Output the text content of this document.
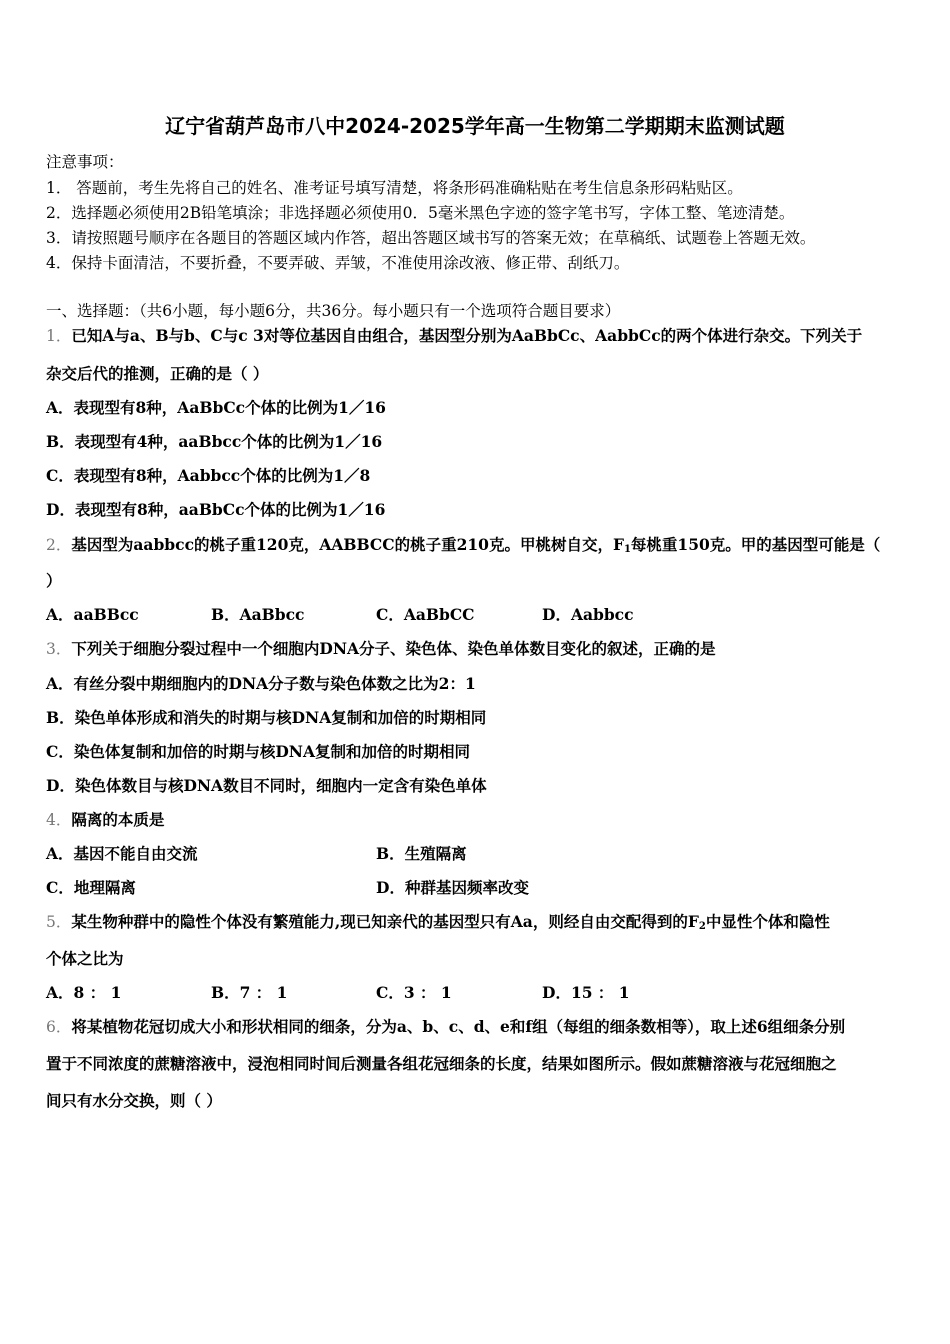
辽宁省葫芦岛市八中2024-2025学年高一生物第二学期期末监测试题
注意事项：
1． 答题前，考生先将自己的姓名、准考证号填写清楚，将条形码准确粘贴在考生信息条形码粘贴区。
2．选择题必须使用2B铅笔填涂；非选择题必须使用0．5毫米黑色字迹的签字笔书写，字体工整、笔迹清楚。
3．请按照题号顺序在各题目的答题区域内作答，超出答题区域书写的答案无效；在草稿纸、试题卷上答题无效。
4．保持卡面清洁，不要折叠，不要弄破、弄皱，不准使用涂改液、修正带、刮纸刀。
一、选择题：（共6小题，每小题6分，共36分。每小题只有一个选项符合题目要求）
1．已知A与a、B与b、C与c 3对等位基因自由组合，基因型分别为AaBbCc、AabbCc的两个体进行杂交。下列关于
杂交后代的推测，正确的是（ ）
A．表现型有8种，AaBbCc个体的比例为1／16
B．表现型有4种，aaBbcc个体的比例为1／16
C．表现型有8种，Aabbcc个体的比例为1／8
D．表现型有8种，aaBbCc个体的比例为1／16
2．基因型为aabbcc的桃子重120克，AABBCC的桃子重210克。甲桃树自交，$F_1$每桃重150克。甲的基因型可能是（
）
A．aaBBcc	B．AaBbcc	C．AaBbCC	D．Aabbcc
3．下列关于细胞分裂过程中一个细胞内DNA分子、染色体、染色单体数目变化的叙述，正确的是
A．有丝分裂中期细胞内的DNA分子数与染色体数之比为2：1
B．染色单体形成和消失的时期与核DNA复制和加倍的时期相同
C．染色体复制和加倍的时期与核DNA复制和加倍的时期相同
D．染色体数目与核DNA数目不同时，细胞内一定含有染色单体
4．隔离的本质是
A．基因不能自由交流	B．生殖隔离
C．地理隔离	D．种群基因频率改变
5．某生物种群中的隐性个体没有繁殖能力,现已知亲代的基因型只有Aa，则经自由交配得到的$F_2$中显性个体和隐性
个体之比为
A．8 ： 1	B．7 ： 1	C．3 ： 1	D．15 ： 1
6．将某植物花冠切成大小和形状相同的细条，分为a、b、c、d、e和f组（每组的细条数相等），取上述6组细条分别
置于不同浓度的蔗糖溶液中，浸泡相同时间后测量各组花冠细条的长度，结果如图所示。假如蔗糖溶液与花冠细胞之
间只有水分交换，则（ ）
